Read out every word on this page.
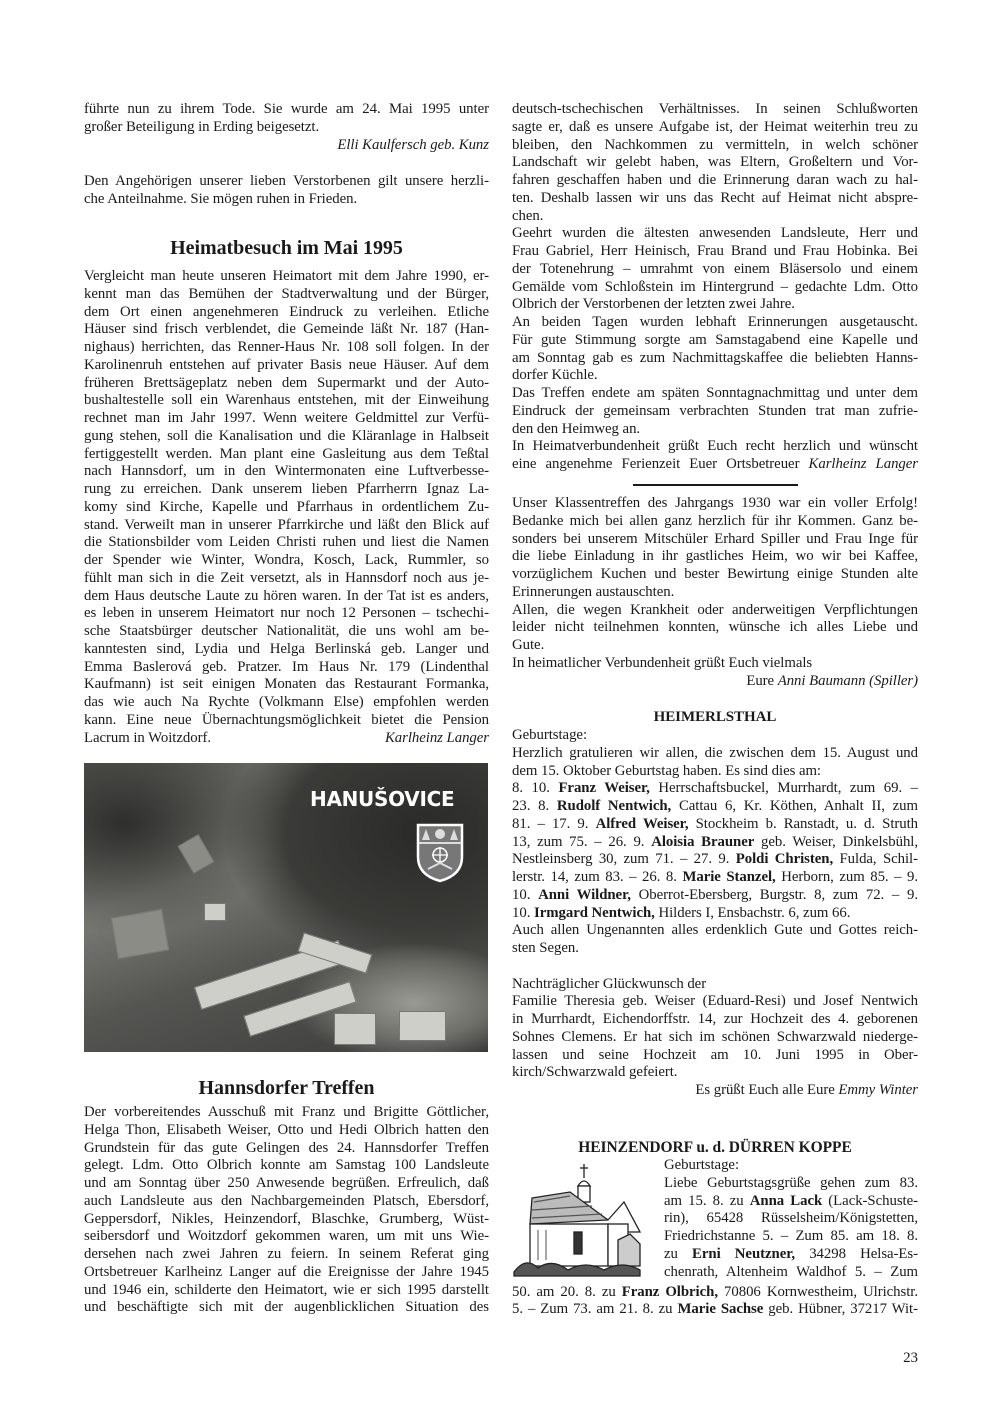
führte nun zu ihrem Tode. Sie wurde am 24. Mai 1995 unter
großer Beteiligung in Erding beigesetzt.
Elli Kaulfersch geb. Kunz
Den Angehörigen unserer lieben Verstorbenen gilt unsere herzli-
che Anteilnahme. Sie mögen ruhen in Frieden.
Heimatbesuch im Mai 1995
Vergleicht man heute unseren Heimatort mit dem Jahre 1990, er-
kennt man das Bemühen der Stadtverwaltung und der Bürger,
dem Ort einen angenehmeren Eindruck zu verleihen. Etliche
Häuser sind frisch verblendet, die Gemeinde läßt Nr. 187 (Han-
nighaus) herrichten, das Renner-Haus Nr. 108 soll folgen. In der
Karolinenruh entstehen auf privater Basis neue Häuser. Auf dem
früheren Brettsägeplatz neben dem Supermarkt und der Auto-
bushaltestelle soll ein Warenhaus entstehen, mit der Einweihung
rechnet man im Jahr 1997. Wenn weitere Geldmittel zur Verfü-
gung stehen, soll die Kanalisation und die Kläranlage in Halbseit
fertiggestellt werden. Man plant eine Gasleitung aus dem Teßtal
nach Hannsdorf, um in den Wintermonaten eine Luftverbesse-
rung zu erreichen. Dank unserem lieben Pfarrherrn Ignaz La-
komy sind Kirche, Kapelle und Pfarrhaus in ordentlichem Zu-
stand. Verweilt man in unserer Pfarrkirche und läßt den Blick auf
die Stationsbilder vom Leiden Christi ruhen und liest die Namen
der Spender wie Winter, Wondra, Kosch, Lack, Rummler, so
fühlt man sich in die Zeit versetzt, als in Hannsdorf noch aus je-
dem Haus deutsche Laute zu hören waren. In der Tat ist es anders,
es leben in unserem Heimatort nur noch 12 Personen – tschechi-
sche Staatsbürger deutscher Nationalität, die uns wohl am be-
kanntesten sind, Lydia und Helga Berlinská geb. Langer und
Emma Baslerová geb. Pratzer. Im Haus Nr. 179 (Lindenthal
Kaufmann) ist seit einigen Monaten das Restaurant Formanka,
das wie auch Na Rychte (Volkmann Else) empfohlen werden
kann. Eine neue Übernachtungsmöglichkeit bietet die Pension
Lacrum in Woitzdorf.	Karlheinz Langer
HANUŠOVICE
Hannsdorfer Treffen
Der vorbereitendes Ausschuß mit Franz und Brigitte Göttlicher,
Helga Thon, Elisabeth Weiser, Otto und Hedi Olbrich hatten den
Grundstein für das gute Gelingen des 24. Hannsdorfer Treffen
gelegt. Ldm. Otto Olbrich konnte am Samstag 100 Landsleute
und am Sonntag über 250 Anwesende begrüßen. Erfreulich, daß
auch Landsleute aus den Nachbargemeinden Platsch, Ebersdorf,
Geppersdorf, Nikles, Heinzendorf, Blaschke, Grumberg, Wüst-
seibersdorf und Woitzdorf gekommen waren, um mit uns Wie-
dersehen nach zwei Jahren zu feiern. In seinem Referat ging
Ortsbetreuer Karlheinz Langer auf die Ereignisse der Jahre 1945
und 1946 ein, schilderte den Heimatort, wie er sich 1995 darstellt
und beschäftigte sich mit der augenblicklichen Situation des
deutsch-tschechischen Verhältnisses. In seinen Schlußworten
sagte er, daß es unsere Aufgabe ist, der Heimat weiterhin treu zu
bleiben, den Nachkommen zu vermitteln, in welch schöner
Landschaft wir gelebt haben, was Eltern, Großeltern und Vor-
fahren geschaffen haben und die Erinnerung daran wach zu hal-
ten. Deshalb lassen wir uns das Recht auf Heimat nicht abspre-
chen.
Geehrt wurden die ältesten anwesenden Landsleute, Herr und
Frau Gabriel, Herr Heinisch, Frau Brand und Frau Hobinka. Bei
der Totenehrung – umrahmt von einem Bläsersolo und einem
Gemälde vom Schloßstein im Hintergrund – gedachte Ldm. Otto
Olbrich der Verstorbenen der letzten zwei Jahre.
An beiden Tagen wurden lebhaft Erinnerungen ausgetauscht.
Für gute Stimmung sorgte am Samstagabend eine Kapelle und
am Sonntag gab es zum Nachmittagskaffee die beliebten Hanns-
dorfer Küchle.
Das Treffen endete am späten Sonntagnachmittag und unter dem
Eindruck der gemeinsam verbrachten Stunden trat man zufrie-
den den Heimweg an.
In Heimatverbundenheit grüßt Euch recht herzlich und wünscht
eine angenehme Ferienzeit Euer Ortsbetreuer Karlheinz Langer
Unser Klassentreffen des Jahrgangs 1930 war ein voller Erfolg!
Bedanke mich bei allen ganz herzlich für ihr Kommen. Ganz be-
sonders bei unserem Mitschüler Erhard Spiller und Frau Inge für
die liebe Einladung in ihr gastliches Heim, wo wir bei Kaffee,
vorzüglichem Kuchen und bester Bewirtung einige Stunden alte
Erinnerungen austauschten.
Allen, die wegen Krankheit oder anderweitigen Verpflichtungen
leider nicht teilnehmen konnten, wünsche ich alles Liebe und
Gute.
In heimatlicher Verbundenheit grüßt Euch vielmals
Eure Anni Baumann (Spiller)
HEIMERLSTHAL
Geburtstage:
Herzlich gratulieren wir allen, die zwischen dem 15. August und
dem 15. Oktober Geburtstag haben. Es sind dies am:
8. 10. Franz Weiser, Herrschaftsbuckel, Murrhardt, zum 69. –
23. 8. Rudolf Nentwich, Cattau 6, Kr. Köthen, Anhalt II, zum
81. – 17. 9. Alfred Weiser, Stockheim b. Ranstadt, u. d. Struth
13, zum 75. – 26. 9. Aloisia Brauner geb. Weiser, Dinkelsbühl,
Nestleinsberg 30, zum 71. – 27. 9. Poldi Christen, Fulda, Schil-
lerstr. 14, zum 83. – 26. 8. Marie Stanzel, Herborn, zum 85. – 9.
10. Anni Wildner, Oberrot-Ebersberg, Burgstr. 8, zum 72. – 9.
10. Irmgard Nentwich, Hilders I, Ensbachstr. 6, zum 66.
Auch allen Ungenannten alles erdenklich Gute und Gottes reich-
sten Segen.
Nachträglicher Glückwunsch der
Familie Theresia geb. Weiser (Eduard-Resi) und Josef Nentwich
in Murrhardt, Eichendorffstr. 14, zur Hochzeit des 4. geborenen
Sohnes Clemens. Er hat sich im schönen Schwarzwald niederge-
lassen und seine Hochzeit am 10. Juni 1995 in Ober-
kirch/Schwarzwald gefeiert.
Es grüßt Euch alle Eure Emmy Winter
HEINZENDORF u. d. DÜRREN KOPPE
Geburtstage:
Liebe Geburtstagsgrüße gehen zum 83.
am 15. 8. zu Anna Lack (Lack-Schuste-
rin), 65428 Rüsselsheim/Königstetten,
Friedrichstanne 5. – Zum 85. am 18. 8.
zu Erni Neutzner, 34298 Helsa-Es-
chenrath, Altenheim Waldhof 5. – Zum
50. am 20. 8. zu Franz Olbrich, 70806 Kornwestheim, Ulrichstr.
5. – Zum 73. am 21. 8. zu Marie Sachse geb. Hübner, 37217 Wit-
23
